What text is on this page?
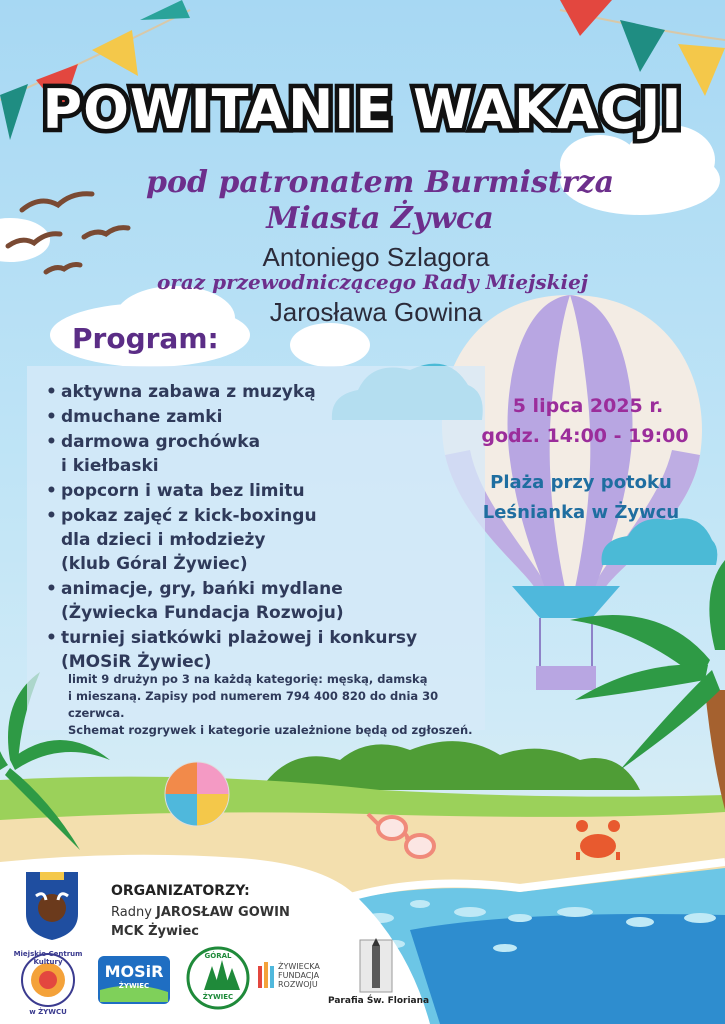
POWITANIE WAKACJI
pod patronatem Burmistrza
Miasta Żywca
Antoniego Szlagora
oraz przewodniczącego Rady Miejskiej
Jarosława Gowina
Program:
• aktywna zabawa z muzyką
• dmuchane zamki
• darmowa grochówka
i kiełbaski
• popcorn i wata bez limitu
• pokaz zajęć z kick-boxingu
dla dzieci i młodzieży
(klub Góral Żywiec)
• animacje, gry, bańki mydlane
(Żywiecka Fundacja Rozwoju)
• turniej siatkówki plażowej i konkursy
(MOSiR Żywiec)
limit 9 drużyn po 3 na każdą kategorię: męską, damską
i mieszaną. Zapisy pod numerem 794 400 820 do dnia 30 czerwca.
Schemat rozgrywek i kategorie uzależnione będą od zgłoszeń.
5 lipca 2025 r.
godz. 14:00 - 19:00
Plaża przy potoku
Leśnianka w Żywcu
ORGANIZATORZY:
Radny JAROSŁAW GOWIN
MCK Żywiec
Miejskie Centrum Kultury
w ŻYWCU
MOSiR
ŻYWIEC
GÓRAL
ŻYWIEC
ŻYWIECKA
FUNDACJA
ROZWOJU
Parafia Św. Floriana
